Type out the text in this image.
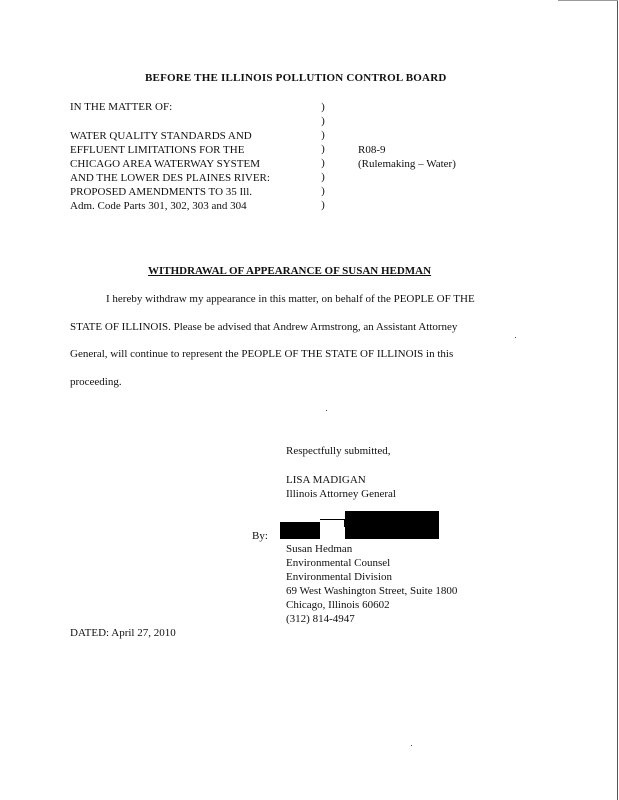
BEFORE THE ILLINOIS POLLUTION CONTROL BOARD
IN THE MATTER OF:
WATER QUALITY STANDARDS AND
EFFLUENT LIMITATIONS FOR THE
CHICAGO AREA WATERWAY SYSTEM
AND THE LOWER DES PLAINES RIVER:
PROPOSED AMENDMENTS TO 35 Ill.
Adm. Code Parts 301, 302, 303 and 304
)
)
)
)
)
)
)
)
R08-9
(Rulemaking – Water)
WITHDRAWAL OF APPEARANCE OF SUSAN HEDMAN
I hereby withdraw my appearance in this matter, on behalf of the PEOPLE OF THE
STATE OF ILLINOIS. Please be advised that Andrew Armstrong, an Assistant Attorney
General, will continue to represent the PEOPLE OF THE STATE OF ILLINOIS in this
proceeding.
Respectfully submitted,
LISA MADIGAN
Illinois Attorney General
By:
Susan Hedman
Environmental Counsel
Environmental Division
69 West Washington Street, Suite 1800
Chicago, Illinois 60602
(312) 814-4947
DATED: April 27, 2010
